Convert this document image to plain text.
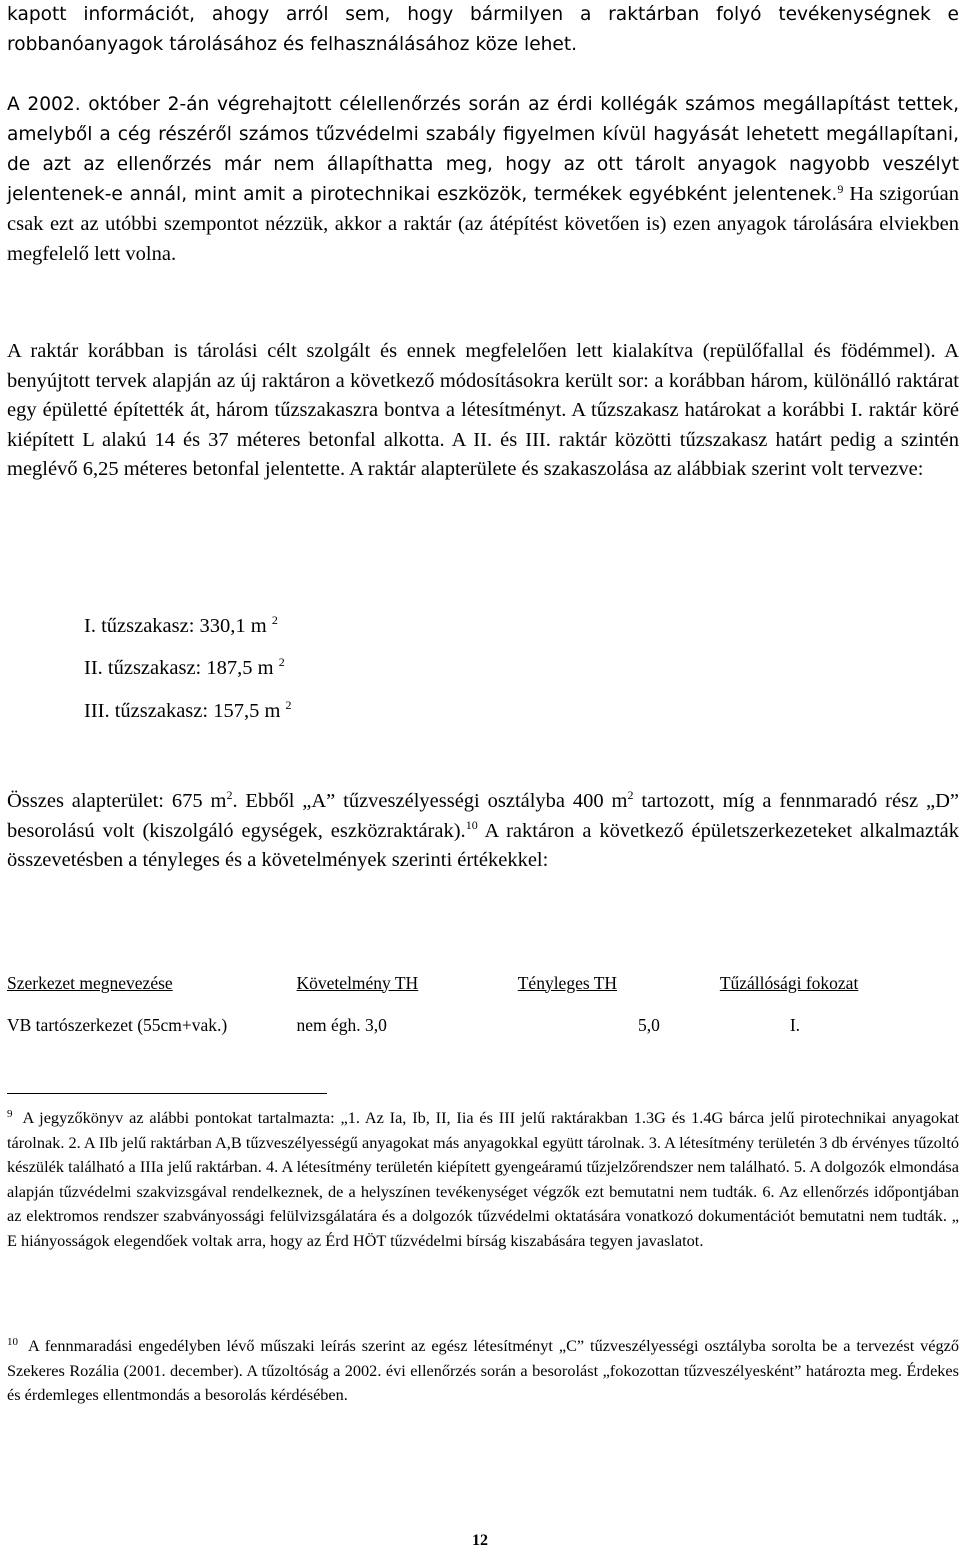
kapott információt, ahogy arról sem, hogy bármilyen a raktárban folyó tevékenységnek e robbanóanyagok tárolásához és felhasználásához köze lehet.

A 2002. október 2-án végrehajtott célellenőrzés során az érdi kollégák számos megállapítást tettek, amelyből a cég részéről számos tűzvédelmi szabály figyelmen kívül hagyását lehetett megállapítani, de azt az ellenőrzés már nem állapíthatta meg, hogy az ott tárolt anyagok nagyobb veszélyt jelentenek-e annál, mint amit a pirotechnikai eszközök, termékek egyébként jelentenek.$^9$ Ha szigorúan csak ezt az utóbbi szempontot nézzük, akkor a raktár (az átépítést követően is) ezen anyagok tárolására elviekben megfelelő lett volna.

A raktár korábban is tárolási célt szolgált és ennek megfelelően lett kialakítva (repülőfallal és födémmel). A benyújtott tervek alapján az új raktáron a következő módosításokra került sor: a korábban három, különálló raktárat egy épületté építették át, három tűzszakaszra bontva a létesítményt. A tűzszakasz határokat a korábbi I. raktár köré kiépített L alakú 14 és 37 méteres betonfal alkotta. A II. és III. raktár közötti tűzszakasz határt pedig a szintén meglévő 6,25 méteres betonfal jelentette. A raktár alapterülete és szakaszolása az alábbiak szerint volt tervezve:

I. tűzszakasz: 330,1 m $^2$
II. tűzszakasz: 187,5 m $^2$
III. tűzszakasz: 157,5 m $^2$

Összes alapterület: 675 $m^2$. Ebből „A” tűzveszélyességi osztályba 400 $m^2$ tartozott, míg a fennmaradó rész „D” besorolású volt (kiszolgáló egységek, eszközraktárak).$^{10}$ A raktáron a következő épületszerkezeteket alkalmazták összevetésben a tényleges és a követelmények szerinti értékekkel:

Szerkezet megnevezése	Követelmény TH	Tényleges TH	Tűzállósági fokozat
VB tartószerkezet (55cm+vak.)	nem égh. 3,0	5,0	I.
$^9$ A jegyzőkönyv az alábbi pontokat tartalmazta: „1. Az Ia, Ib, II, Iia és III jelű raktárakban 1.3G és 1.4G bárca jelű pirotechnikai anyagokat tárolnak. 2. A IIb jelű raktárban A,B tűzveszélyességű anyagokat más anyagokkal együtt tárolnak. 3. A létesítmény területén 3 db érvényes tűzoltó készülék található a IIIa jelű raktárban. 4. A létesítmény területén kiépített gyengeáramú tűzjelzőrendszer nem található. 5. A dolgozók elmondása alapján tűzvédelmi szakvizsgával rendelkeznek, de a helyszínen tevékenységet végzők ezt bemutatni nem tudták. 6. Az ellenőrzés időpontjában az elektromos rendszer szabványossági felülvizsgálatára és a dolgozók tűzvédelmi oktatására vonatkozó dokumentációt bemutatni nem tudták. „ E hiányosságok elegendőek voltak arra, hogy az Érd HÖT tűzvédelmi bírság kiszabására tegyen javaslatot.
$^{10}$ A fennmaradási engedélyben lévő műszaki leírás szerint az egész létesítményt „C” tűzveszélyességi osztályba sorolta be a tervezést végző Szekeres Rozália (2001. december). A tűzoltóság a 2002. évi ellenőrzés során a besorolást „fokozottan tűzveszélyesként” határozta meg. Érdekes és érdemleges ellentmondás a besorolás kérdésében.
12
